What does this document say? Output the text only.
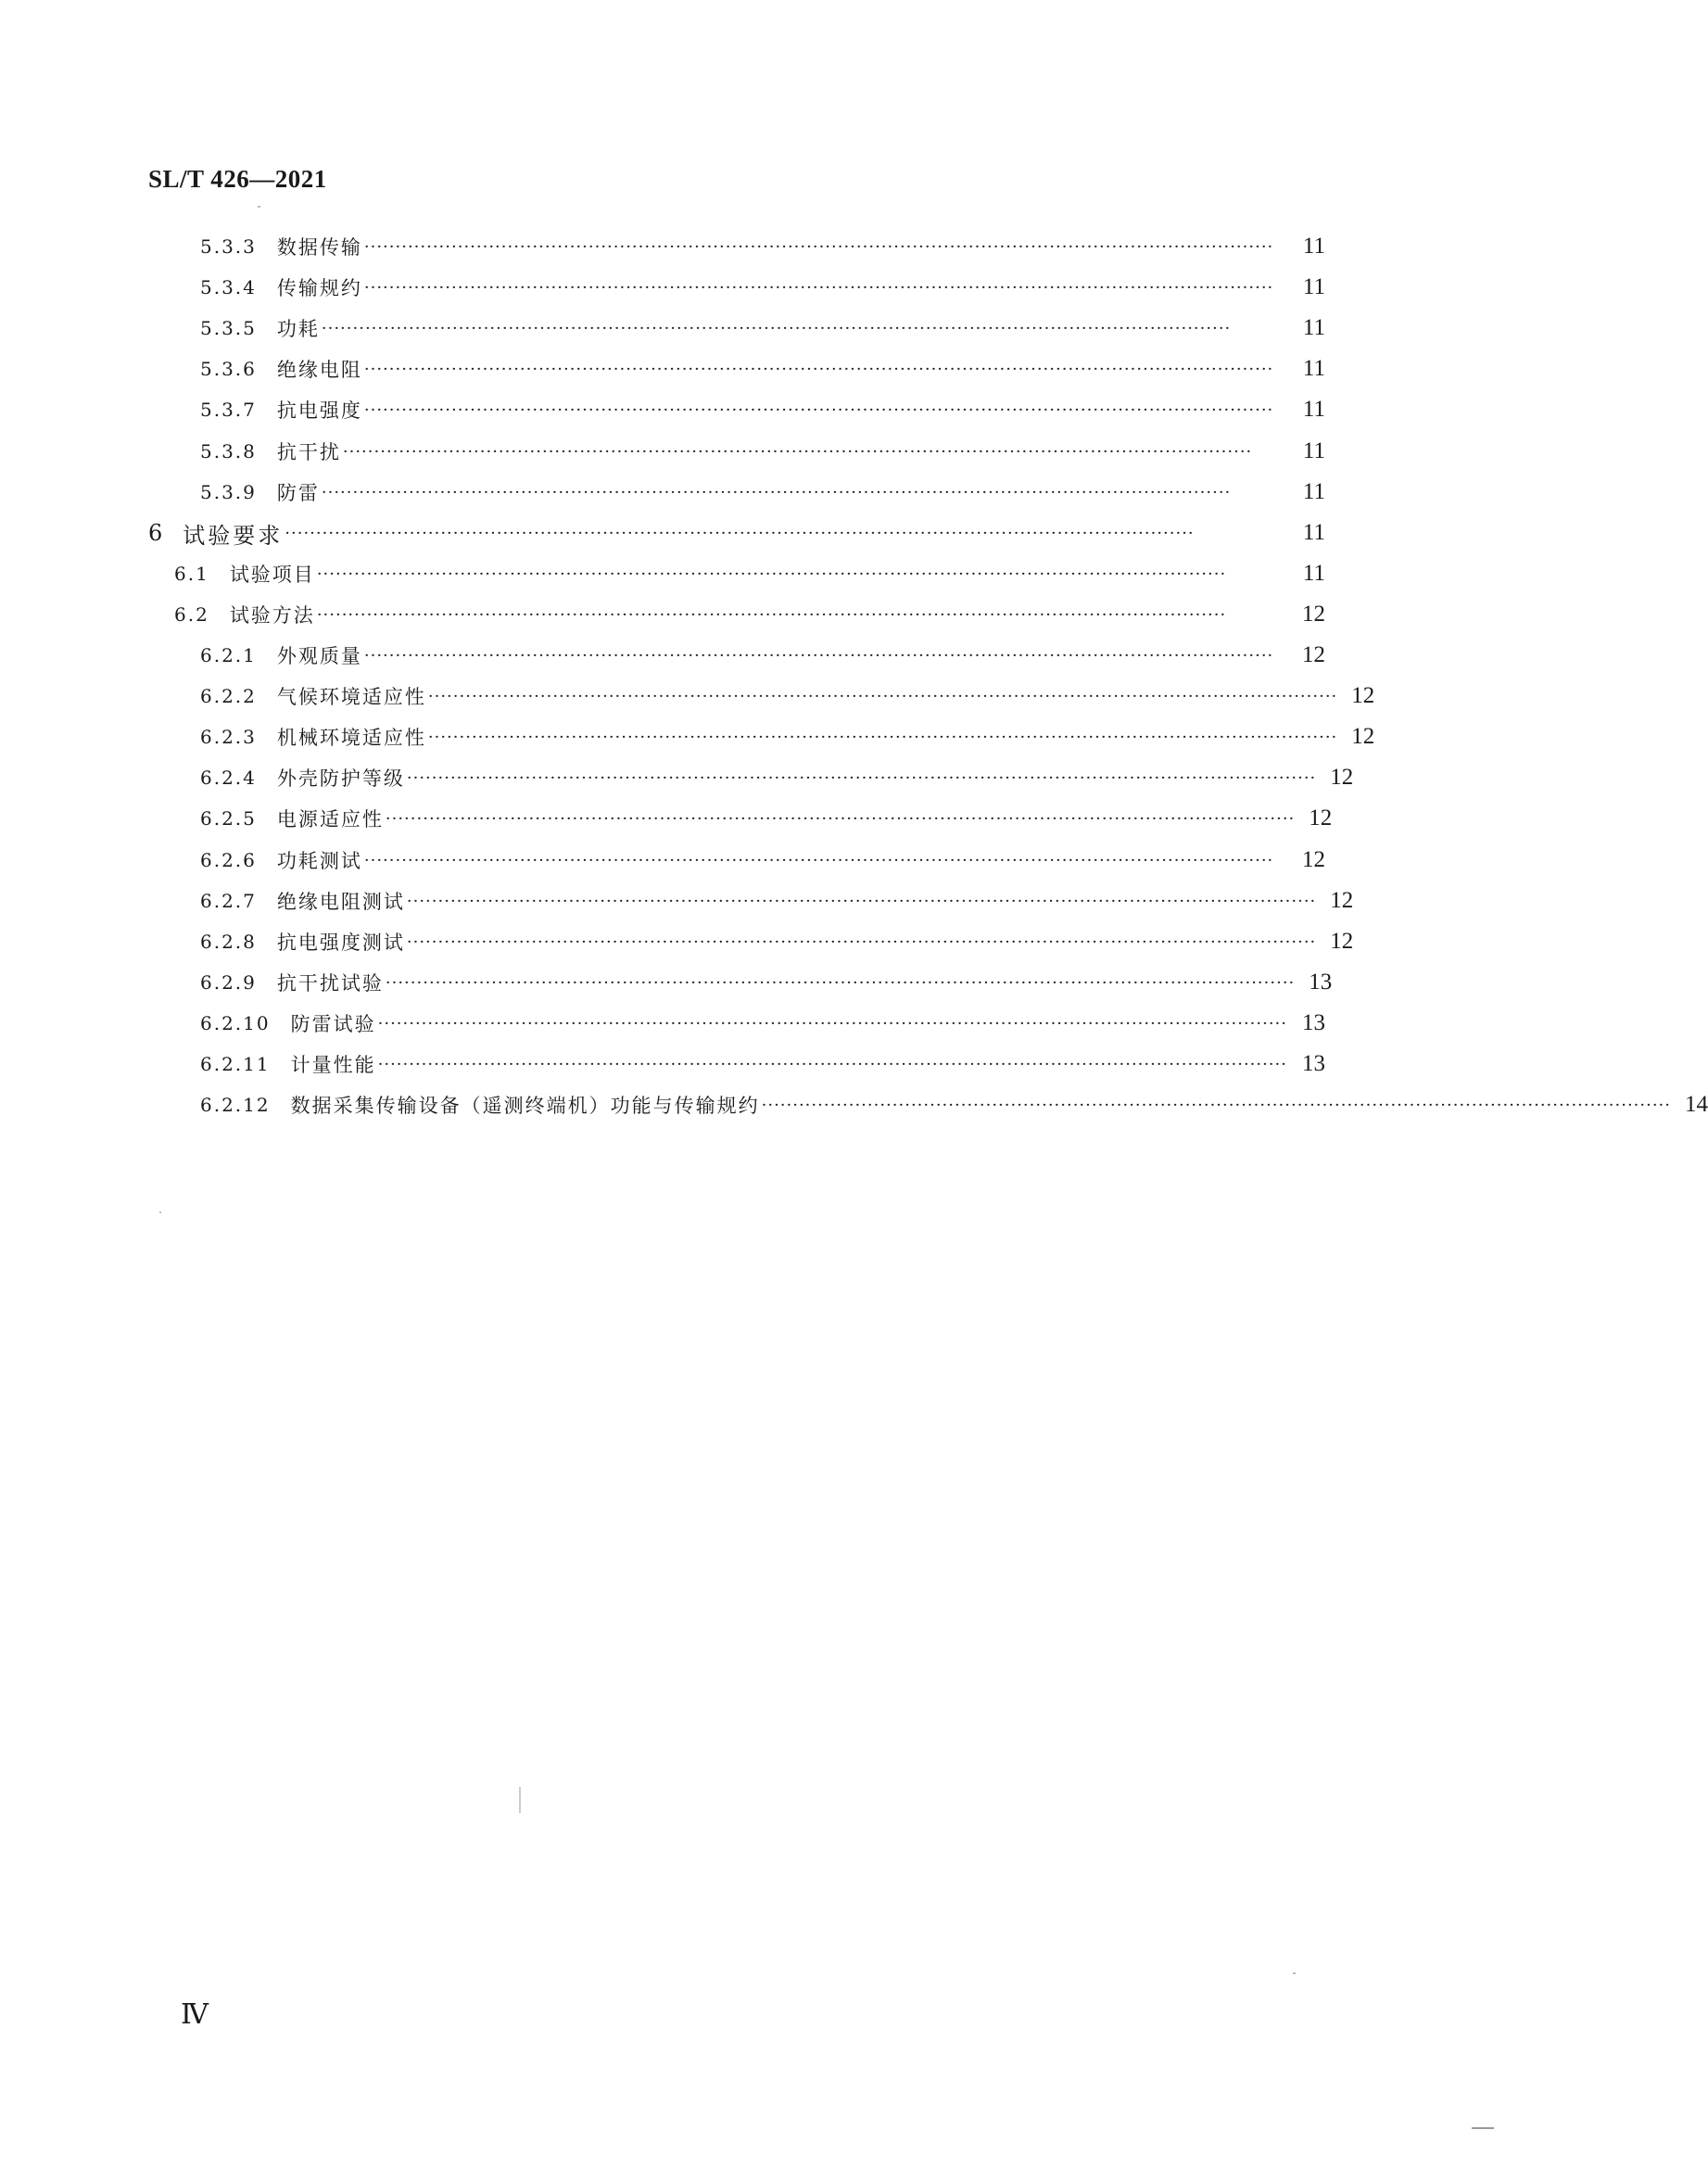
SL/T 426—2021
5.3.3 数据传输 ··················································································································································	11
5.3.4 传输规约 ··················································································································································	11
5.3.5 功耗 ··················································································································································	11
5.3.6 绝缘电阻 ··················································································································································	11
5.3.7 抗电强度 ··················································································································································	11
5.3.8 抗干扰 ··················································································································································	11
5.3.9 防雷 ··················································································································································	11
6 试验要求 ··················································································································································	11
6.1 试验项目 ··················································································································································	11
6.2 试验方法 ··················································································································································	12
6.2.1 外观质量 ··················································································································································	12
6.2.2 气候环境适应性 ·················································································································································· 12
6.2.3 机械环境适应性 ·················································································································································· 12
6.2.4 外壳防护等级 ·················································································································································· 12
6.2.5 电源适应性 ·················································································································································· 12
6.2.6 功耗测试 ··················································································································································	12
6.2.7 绝缘电阻测试 ·················································································································································· 12
6.2.8 抗电强度测试 ·················································································································································· 12
6.2.9 抗干扰试验 ·················································································································································· 13
6.2.10 防雷试验 ·················································································································································· 13
6.2.11 计量性能 ·················································································································································· 13
6.2.12 数据采集传输设备（遥测终端机）功能与传输规约 ·················································································································································· 14
Ⅳ
